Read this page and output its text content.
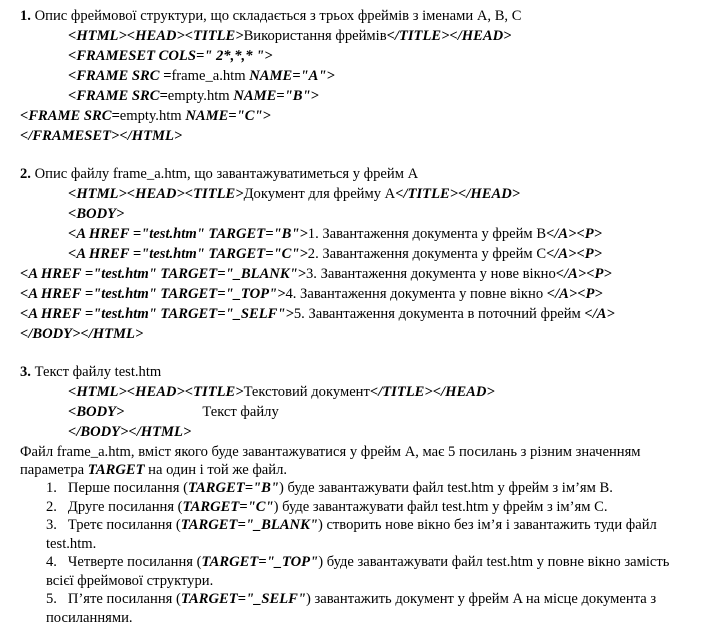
1. Опис фреймової структури, що складається з трьох фреймів з іменами A, B, C
<HTML><HEAD><TITLE>Використання фреймів</TITLE></HEAD>
<FRAMESET COLS=" 2*,*,* ">
<FRAME SRC =frame_a.htm NAME="A">
<FRAME SRC=empty.htm NAME="B">
<FRAME SRC=empty.htm NAME="C">
</FRAMESET></HTML>
2. Опис файлу frame_a.htm, що завантажуватиметься у фрейм A
<HTML><HEAD><TITLE>Документ для фрейму A</TITLE></HEAD>
<BODY>
<A HREF ="test.htm" TARGET="B">1. Завантаження документа у фрейм B</A><P>
<A HREF ="test.htm" TARGET="C">2. Завантаження документа у фрейм C</A><P>
<A HREF ="test.htm" TARGET="_BLANK">3. Завантаження документа у нове вікно</A><P>
<A HREF ="test.htm" TARGET="_TOP">4. Завантаження документа у повне вікно </A><P>
<A HREF ="test.htm" TARGET="_SELF">5. Завантаження документа в поточний фрейм </A>
</BODY></HTML>
3. Текст файлу test.htm
<HTML><HEAD><TITLE>Текстовий документ</TITLE></HEAD>
<BODY>	Текст файлу
</BODY></HTML>
Файл frame_a.htm, вміст якого буде завантажуватися у фрейм A, має 5 посилань з різним значенням
параметра TARGET на один і той же файл.
1. Перше посилання (TARGET="B") буде завантажувати файл test.htm у фрейм з ім’ям B.
2. Друге посилання (TARGET="C") буде завантажувати файл test.htm у фрейм з ім’ям C.
3. Третє посилання (TARGET="_BLANK") створить нове вікно без ім’я і завантажить туди файл
test.htm.
4. Четверте посилання (TARGET="_TOP") буде завантажувати файл test.htm у повне вікно замість
всієї фреймової структури.
5. П’яте посилання (TARGET="_SELF") завантажить документ у фрейм A на місце документа з
посиланнями.
